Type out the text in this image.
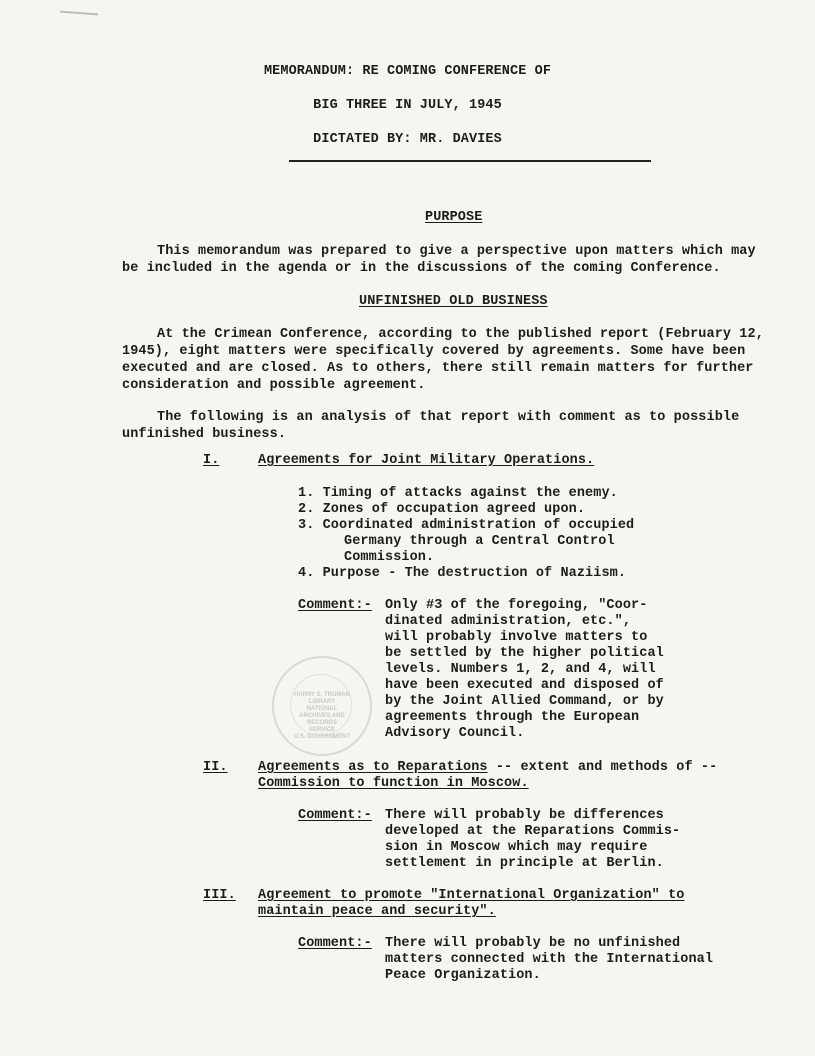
MEMORANDUM: RE COMING CONFERENCE OF
BIG THREE IN JULY, 1945
DICTATED BY: MR. DAVIES
PURPOSE
This memorandum was prepared to give a perspective upon matters which may
be included in the agenda or in the discussions of the coming Conference.
UNFINISHED OLD BUSINESS
At the Crimean Conference, according to the published report (February 12,
1945), eight matters were specifically covered by agreements. Some have been
executed and are closed. As to others, there still remain matters for further
consideration and possible agreement.
The following is an analysis of that report with comment as to possible
unfinished business.
I.	Agreements for Joint Military Operations.
1. Timing of attacks against the enemy.
2. Zones of occupation agreed upon.
3. Coordinated administration of occupied
Germany through a Central Control
Commission.
4. Purpose - The destruction of Naziism.
Comment:- Only #3 of the foregoing, "Coor-
dinated administration, etc.",
will probably involve matters to
be settled by the higher political
levels. Numbers 1, 2, and 4, will
have been executed and disposed of
by the Joint Allied Command, or by
agreements through the European
Advisory Council.
HARRY S. TRUMAN LIBRARY
NATIONAL
ARCHIVES AND
RECORDS
SERVICE
U.S. GOVERNMENT
II. Agreements as to Reparations -- extent and methods of --
Commission to function in Moscow.
Comment:- There will probably be differences
developed at the Reparations Commis-
sion in Moscow which may require
settlement in principle at Berlin.
III. Agreement to promote "International Organization" to
maintain peace and security".
Comment:- There will probably be no unfinished
matters connected with the International
Peace Organization.
